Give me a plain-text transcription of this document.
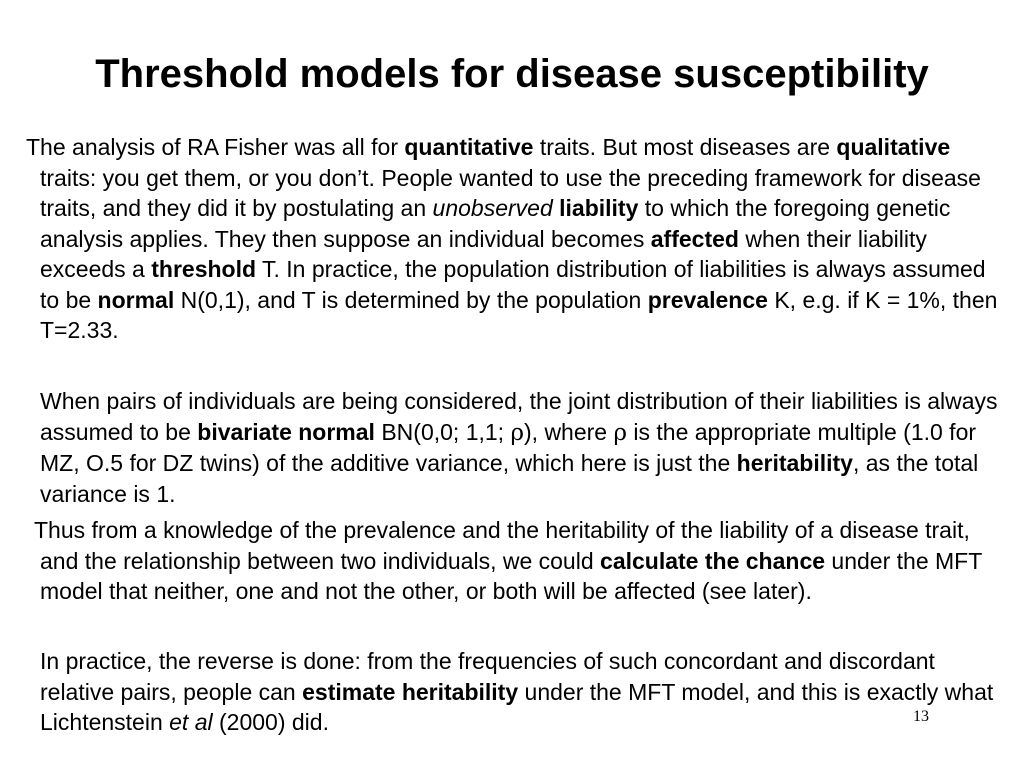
Threshold models for disease susceptibility

The analysis of RA Fisher was all for quantitative traits. But most diseases are qualitative traits: you get them, or you don’t. People wanted to use the preceding framework for disease traits, and they did it by postulating an unobserved liability to which the foregoing genetic analysis applies. They then suppose an individual becomes affected when their liability exceeds a threshold T. In practice, the population distribution of liabilities is always assumed to be normal N(0,1), and T is determined by the population prevalence K, e.g. if K = 1%, then T=2.33.

When pairs of individuals are being considered, the joint distribution of their liabilities is always assumed to be bivariate normal BN(0,0; 1,1; ρ), where ρ is the appropriate multiple (1.0 for MZ, O.5 for DZ twins) of the additive variance, which here is just the heritability, as the total variance is 1.

Thus from a knowledge of the prevalence and the heritability of the liability of a disease trait, and the relationship between two individuals, we could calculate the chance under the MFT model that neither, one and not the other, or both will be affected (see later).

In practice, the reverse is done: from the frequencies of such concordant and discordant relative pairs, people can estimate heritability under the MFT model, and this is exactly what Lichtenstein et al (2000) did.	13
